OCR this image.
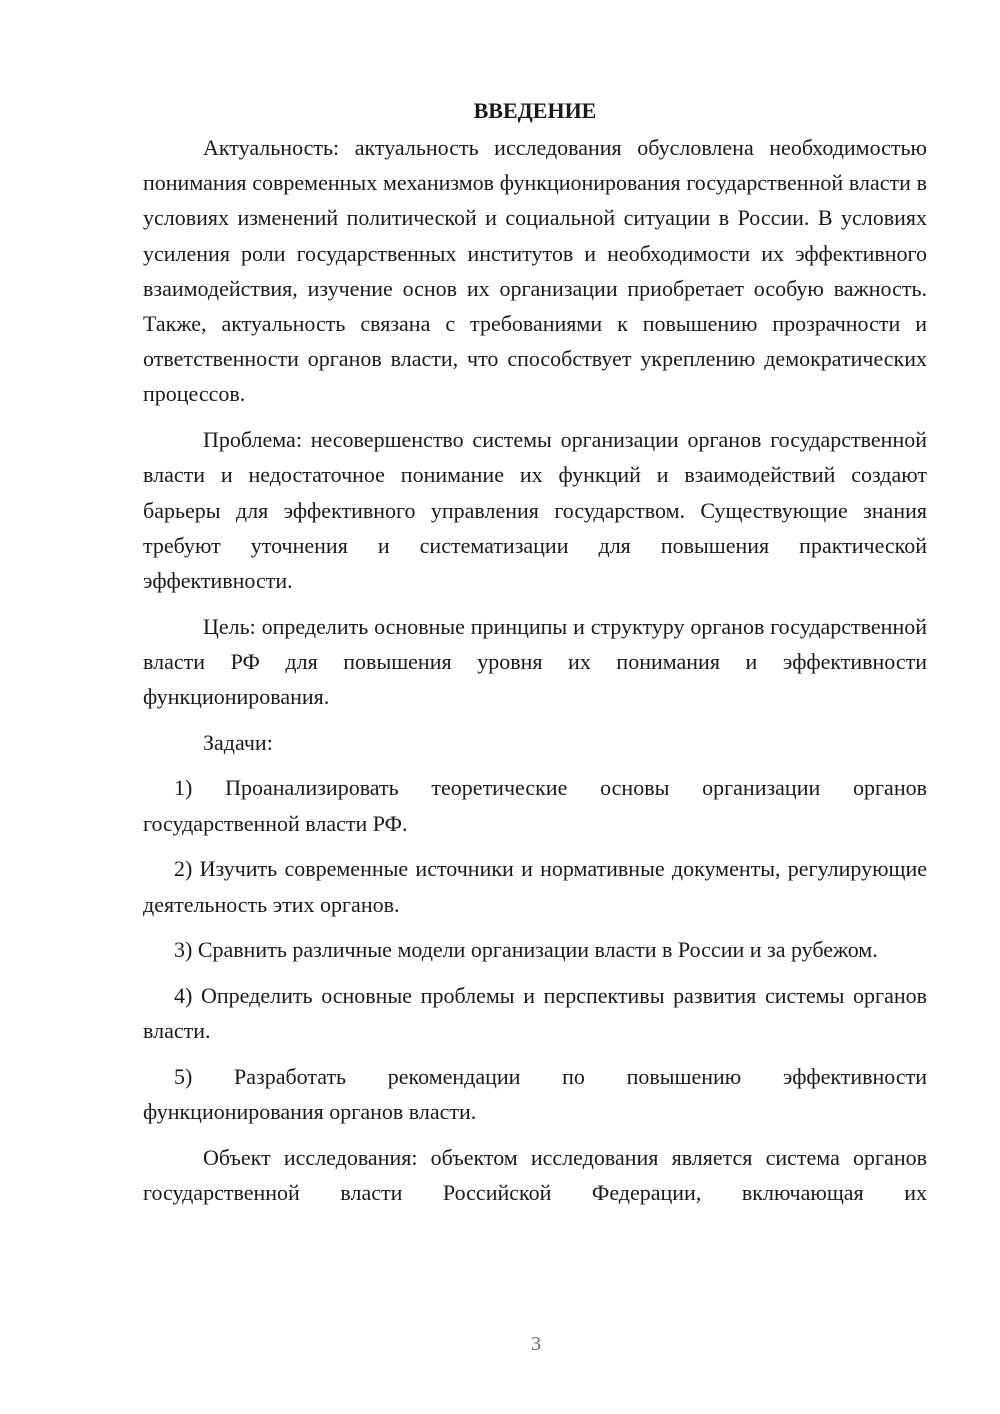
ВВЕДЕНИЕ

Актуальность: актуальность исследования обусловлена необходимостью понимания современных механизмов функционирования государственной власти в условиях изменений политической и социальной ситуации в России. В условиях усиления роли государственных институтов и необходимости их эффективного взаимодействия, изучение основ их организации приобретает особую важность. Также, актуальность связана с требованиями к повышению прозрачности и ответственности органов власти, что способствует укреплению демократических процессов.

Проблема: несовершенство системы организации органов государственной власти и недостаточное понимание их функций и взаимодействий создают барьеры для эффективного управления государством. Существующие знания требуют уточнения и систематизации для повышения практической эффективности.

Цель: определить основные принципы и структуру органов государственной власти РФ для повышения уровня их понимания и эффективности функционирования.

Задачи:

1) Проанализировать теоретические основы организации органов государственной власти РФ.

2) Изучить современные источники и нормативные документы, регулирующие деятельность этих органов.

3) Сравнить различные модели организации власти в России и за рубежом.

4) Определить основные проблемы и перспективы развития системы органов власти.

5) Разработать рекомендации по повышению эффективности функционирования органов власти.

Объект исследования: объектом исследования является система органов государственной власти Российской Федерации, включающая их

3
